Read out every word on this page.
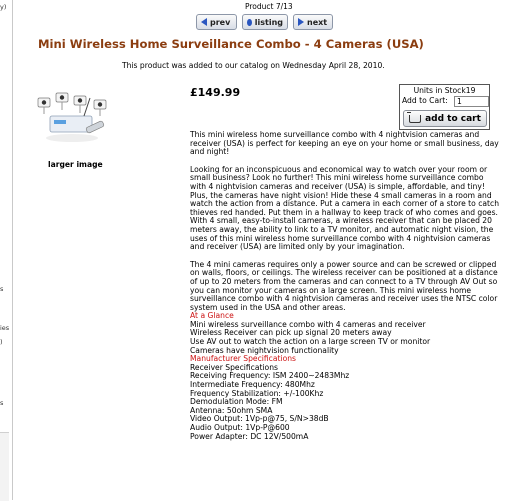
y)
s
ies
)
s
Product 7/13
prev	listing	next
Mini Wireless Home Surveillance Combo - 4 Cameras (USA)
This product was added to our catalog on Wednesday April 28, 2010.
larger image
£149.99	Units in Stock19
Add to Cart:
1
add to cart

This mini wireless home surveillance combo with 4 nightvision cameras and receiver (USA) is perfect for keeping an eye on your home or small business, day and night!

Looking for an inconspicuous and economical way to watch over your room or small business? Look no further! This mini wireless home surveillance combo with 4 nightvision cameras and receiver (USA) is simple, affordable, and tiny! Plus, the cameras have night vision! Hide these 4 small cameras in a room and watch the action from a distance. Put a camera in each corner of a store to catch thieves red handed. Put them in a hallway to keep track of who comes and goes. With 4 small, easy-to-install cameras, a wireless receiver that can be placed 20 meters away, the ability to link to a TV monitor, and automatic night vision, the uses of this mini wireless home surveillance combo with 4 nightvision cameras and receiver (USA) are limited only by your imagination.

The 4 mini cameras requires only a power source and can be screwed or clipped on walls, floors, or ceilings. The wireless receiver can be positioned at a distance of up to 20 meters from the cameras and can connect to a TV through AV Out so you can monitor your cameras on a large screen. This mini wireless home surveillance combo with 4 nightvision cameras and receiver uses the NTSC color system used in the USA and other areas.

At a Glance
Mini wireless surveillance combo with 4 cameras and receiver
Wireless Receiver can pick up signal 20 meters away
Use AV out to watch the action on a large screen TV or monitor
Cameras have nightvision functionality
Manufacturer Specifications
Receiver Specifications
Receiving Frequency: ISM 2400~2483Mhz
Intermediate Frequency: 480Mhz
Frequency Stabilization: +/-100Khz
Demodulation Mode: FM
Antenna: 50ohm SMA
Video Output: 1Vp-p@75, S/N>38dB
Audio Output: 1Vp-P@600
Power Adapter: DC 12V/500mA
